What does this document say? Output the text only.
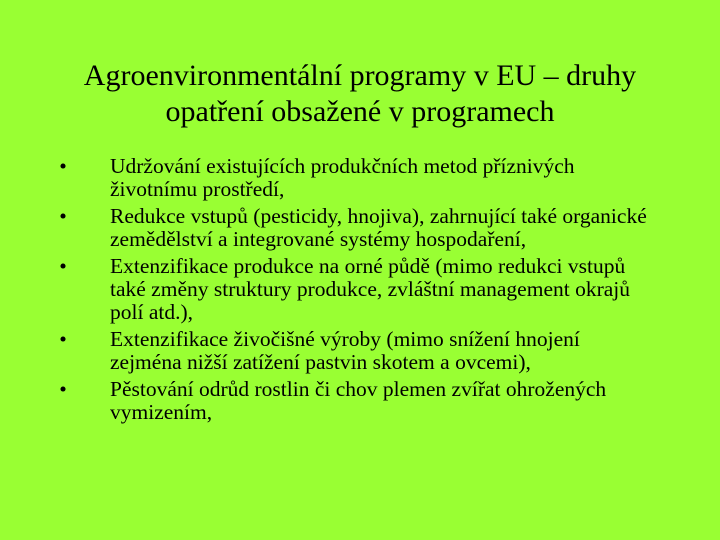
Agroenvironmentální programy v EU – druhy
opatření obsažené v programech
• Udržování existujících produkčních metod příznivých životnímu prostředí,
• Redukce vstupů (pesticidy, hnojiva), zahrnující také organické zemědělství a integrované systémy hospodaření,
• Extenzifikace produkce na orné půdě (mimo redukci vstupů také změny struktury produkce, zvláštní management okrajů polí atd.),
• Extenzifikace živočišné výroby (mimo snížení hnojení zejména nižší zatížení pastvin skotem a ovcemi),
• Pěstování odrůd rostlin či chov plemen zvířat ohrožených vymizením,
